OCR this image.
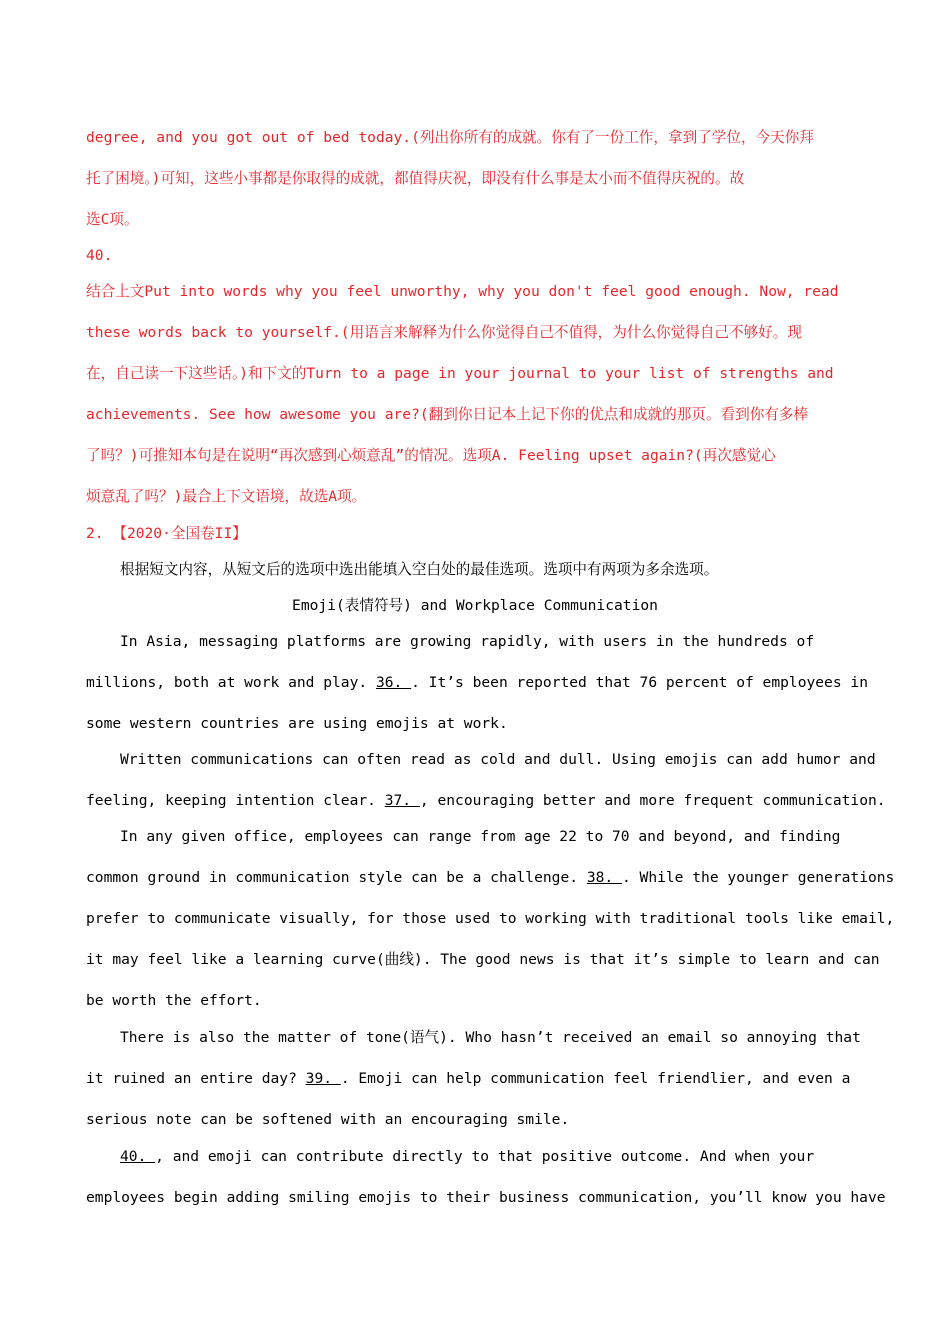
degree, and you got out of bed today.(列出你所有的成就。你有了一份工作，拿到了学位，今天你拜
托了困境。)可知，这些小事都是你取得的成就，都值得庆祝，即没有什么事是太小而不值得庆祝的。故
选C项。
40.
结合上文Put into words why you feel unworthy, why you don't feel good enough. Now, read
these words back to yourself.(用语言来解释为什么你觉得自己不值得，为什么你觉得自己不够好。现
在，自己读一下这些话。)和下文的Turn to a page in your journal to your list of strengths and
achievements. See how awesome you are?(翻到你日记本上记下你的优点和成就的那页。看到你有多棒
了吗？)可推知本句是在说明“再次感到心烦意乱”的情况。选项A. Feeling upset again?(再次感觉心
烦意乱了吗？)最合上下文语境，故选A项。
2. 【2020·全国卷II】
根据短文内容，从短文后的选项中选出能填入空白处的最佳选项。选项中有两项为多余选项。
Emoji(表情符号) and Workplace Communication
In Asia, messaging platforms are growing rapidly, with users in the hundreds of
millions, both at work and play. 36. . It’s been reported that 76 percent of employees in
some western countries are using emojis at work.
Written communications can often read as cold and dull. Using emojis can add humor and
feeling, keeping intention clear. 37. , encouraging better and more frequent communication.
In any given office, employees can range from age 22 to 70 and beyond, and finding
common ground in communication style can be a challenge. 38. . While the younger generations
prefer to communicate visually, for those used to working with traditional tools like email,
it may feel like a learning curve(曲线). The good news is that it’s simple to learn and can
be worth the effort.
There is also the matter of tone(语气). Who hasn’t received an email so annoying that
it ruined an entire day? 39. . Emoji can help communication feel friendlier, and even a
serious note can be softened with an encouraging smile.
40. , and emoji can contribute directly to that positive outcome. And when your
employees begin adding smiling emojis to their business communication, you’ll know you have
